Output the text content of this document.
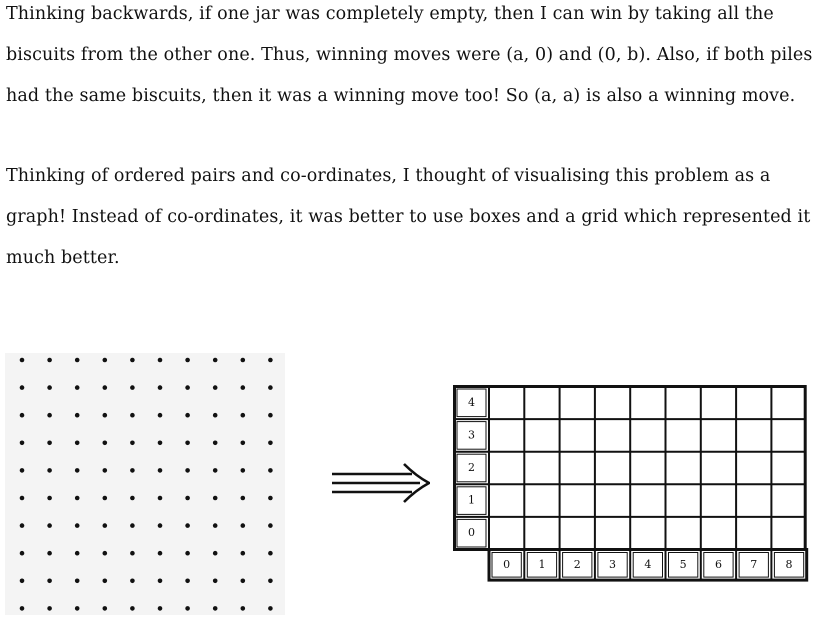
Thinking backwards, if one jar was completely empty, then I can win by taking all the biscuits from the other one. Thus, winning moves were (a, 0) and (0, b). Also, if both piles had the same biscuits, then it was a winning move too! So (a, a) is also a winning move.

Thinking of ordered pairs and co-ordinates, I thought of visualising this problem as a graph! Instead of co-ordinates, it was better to use boxes and a grid which represented it much better.

4
3
2
1
0
0	1	2	3	4	5	6	7	8
